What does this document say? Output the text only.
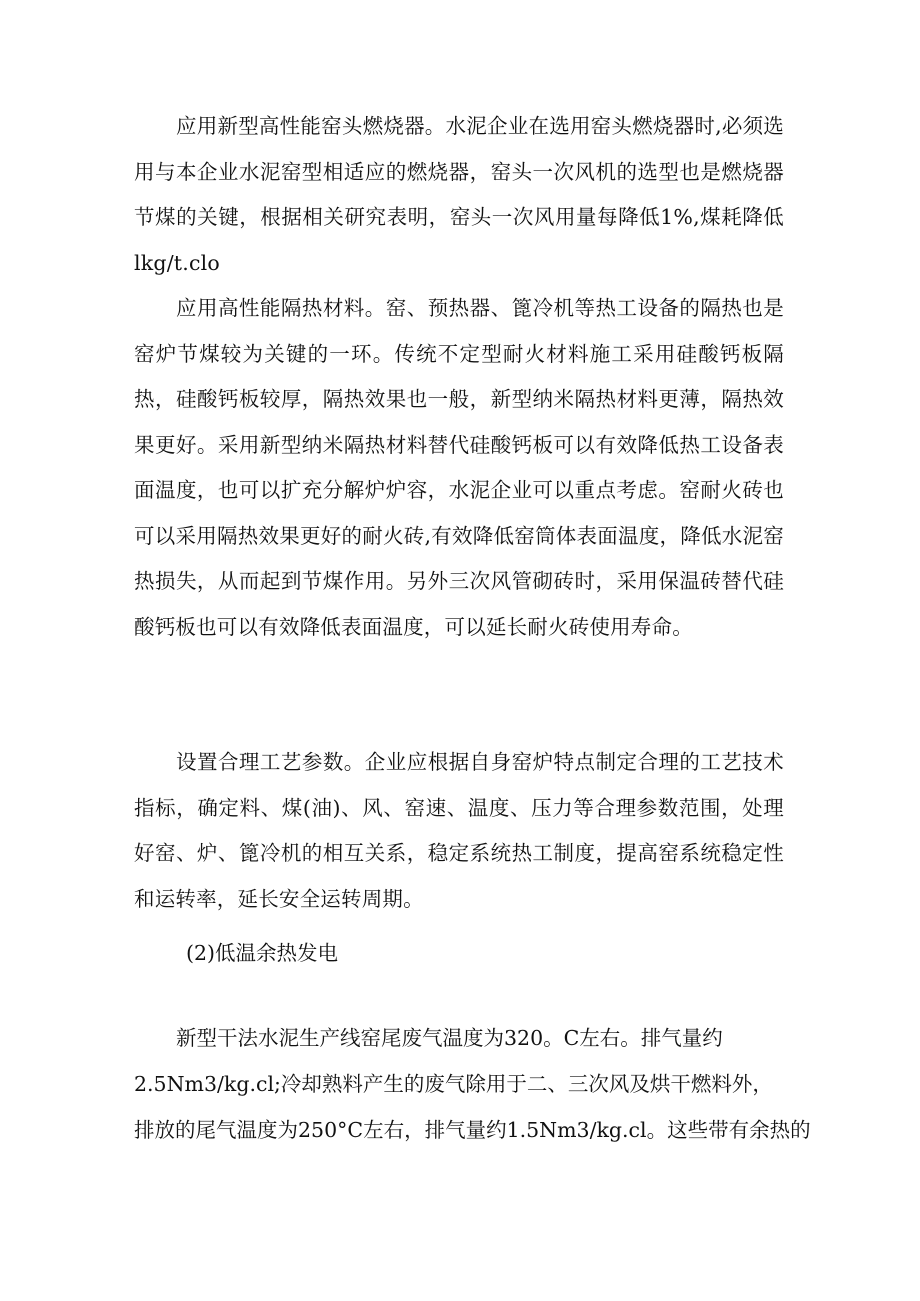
应用新型高性能窑头燃烧器。水泥企业在选用窑头燃烧器时,必须选用与本企业水泥窑型相适应的燃烧器，窑头一次风机的选型也是燃烧器节煤的关键，根据相关研究表明，窑头一次风用量每降低1%,煤耗降低lkg/t.clo

应用高性能隔热材料。窑、预热器、篦冷机等热工设备的隔热也是窑炉节煤较为关键的一环。传统不定型耐火材料施工采用硅酸钙板隔热，硅酸钙板较厚，隔热效果也一般，新型纳米隔热材料更薄，隔热效果更好。采用新型纳米隔热材料替代硅酸钙板可以有效降低热工设备表面温度，也可以扩充分解炉炉容，水泥企业可以重点考虑。窑耐火砖也可以采用隔热效果更好的耐火砖,有效降低窑筒体表面温度，降低水泥窑热损失，从而起到节煤作用。另外三次风管砌砖时，采用保温砖替代硅酸钙板也可以有效降低表面温度，可以延长耐火砖使用寿命。

设置合理工艺参数。企业应根据自身窑炉特点制定合理的工艺技术指标，确定料、煤(油)、风、窑速、温度、压力等合理参数范围，处理好窑、炉、篦冷机的相互关系，稳定系统热工制度，提高窑系统稳定性和运转率，延长安全运转周期。

(2)低温余热发电

新型干法水泥生产线窑尾废气温度为320。C左右。排气量约

2.5Nm3/kg.cl;冷却熟料产生的废气除用于二、三次风及烘干燃料外，

排放的尾气温度为250°C左右，排气量约1.5Nm3/kg.cl。这些带有余热的
